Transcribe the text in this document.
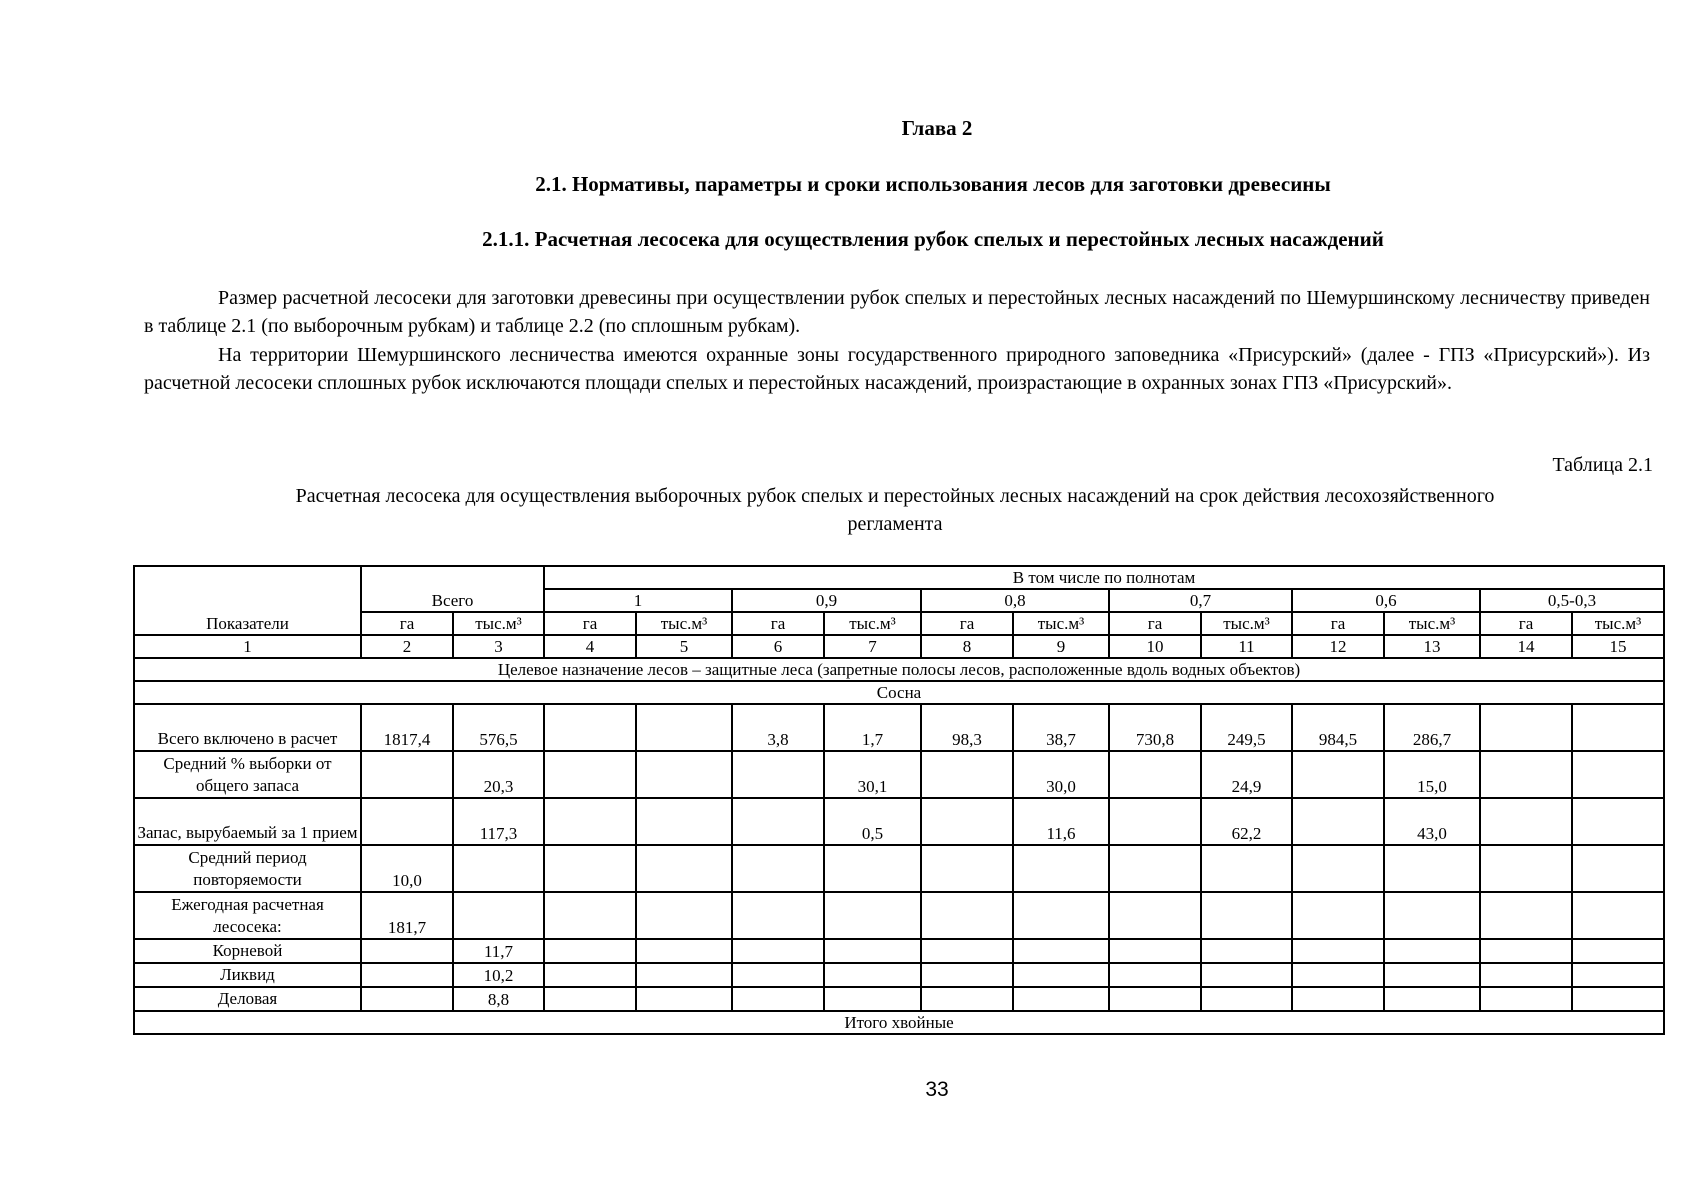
Глава 2
2.1. Нормативы, параметры и сроки использования лесов для заготовки древесины
2.1.1. Расчетная лесосека для осуществления рубок спелых и перестойных лесных насаждений

Размер расчетной лесосеки для заготовки древесины при осуществлении рубок спелых и перестойных лесных насаждений по Шемуршинскому лесничеству приведен в таблице 2.1 (по выборочным рубкам) и таблице 2.2 (по сплошным рубкам).

На территории Шемуршинского лесничества имеются охранные зоны государственного природного заповедника «Присурский» (далее - ГПЗ «Присурский»). Из расчетной лесосеки сплошных рубок исключаются площади спелых и перестойных насаждений, произрастающие в охранных зонах ГПЗ «Присурский».

Таблица 2.1
Расчетная лесосека для осуществления выборочных рубок спелых и перестойных лесных насаждений на срок действия лесохозяйственного регламента
Показатели	Всего		В том числе по полнотам											
			1		0,9		0,8		0,7		0,6		0,5-0,3	
	га	тыс.м³	га	тыс.м³	га	тыс.м³	га	тыс.м³	га	тыс.м³	га	тыс.м³	га	тыс.м³
1	2	3	4	5	6	7	8	9	10	11	12	13	14	15
Целевое назначение лесов – защитные леса (запретные полосы лесов, расположенные вдоль водных объектов)														
Сосна														
Всего включено в расчет	1817,4	576,5			3,8	1,7	98,3	38,7	730,8	249,5	984,5	286,7		
Средний % выборки от общего запаса		20,3				30,1		30,0		24,9		15,0		
Запас, вырубаемый за 1 прием		117,3				0,5		11,6		62,2		43,0		
Средний период повторяемости	10,0													
Ежегодная расчетная лесосека:	181,7													
Корневой		11,7												
Ликвид		10,2												
Деловая		8,8												
Итого хвойные														
33
